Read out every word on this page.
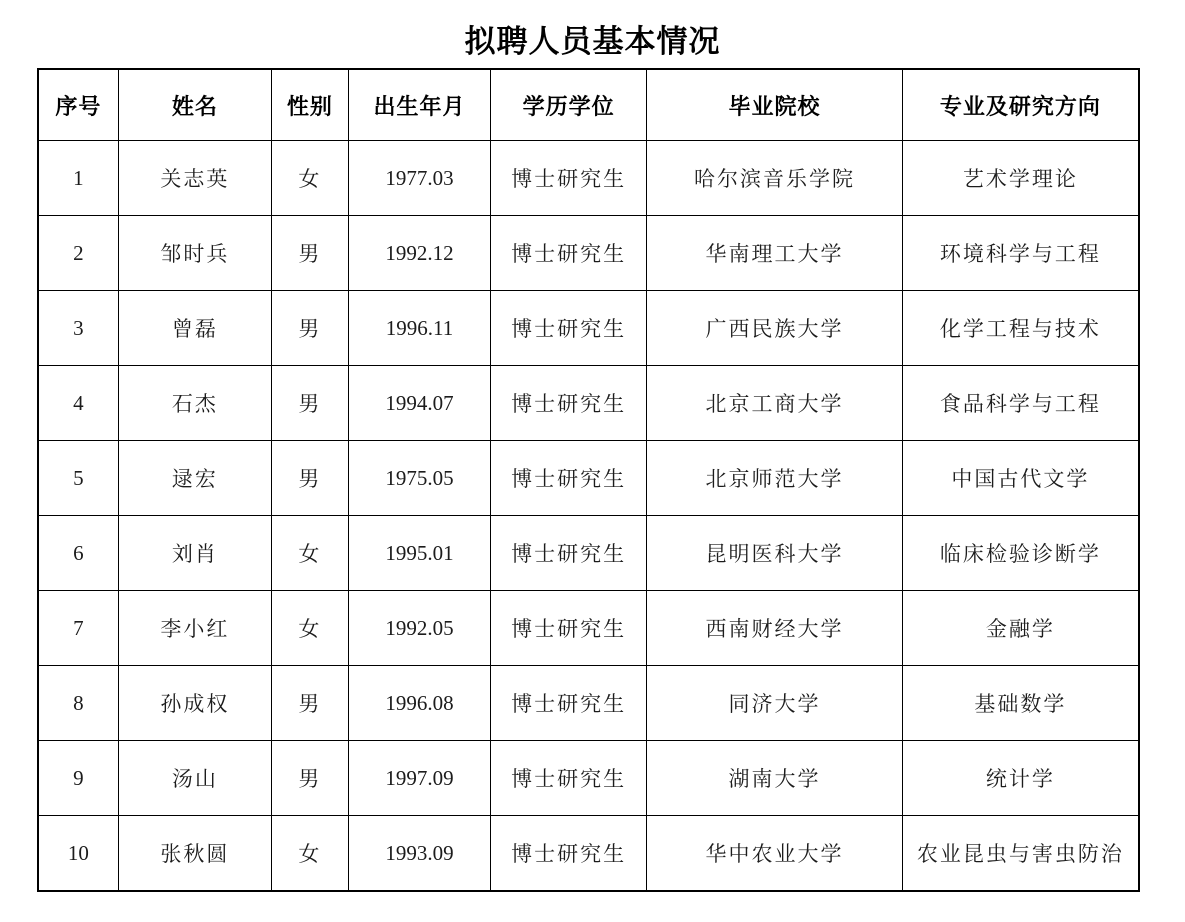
拟聘人员基本情况
序号	姓名	性别	出生年月	学历学位	毕业院校	专业及研究方向
1	关志英	女	1977.03	博士研究生	哈尔滨音乐学院	艺术学理论
2	邹时兵	男	1992.12	博士研究生	华南理工大学	环境科学与工程
3	曾磊	男	1996.11	博士研究生	广西民族大学	化学工程与技术
4	石杰	男	1994.07	博士研究生	北京工商大学	食品科学与工程
5	逯宏	男	1975.05	博士研究生	北京师范大学	中国古代文学
6	刘肖	女	1995.01	博士研究生	昆明医科大学	临床检验诊断学
7	李小红	女	1992.05	博士研究生	西南财经大学	金融学
8	孙成权	男	1996.08	博士研究生	同济大学	基础数学
9	汤山	男	1997.09	博士研究生	湖南大学	统计学
10	张秋圆	女	1993.09	博士研究生	华中农业大学	农业昆虫与害虫防治
